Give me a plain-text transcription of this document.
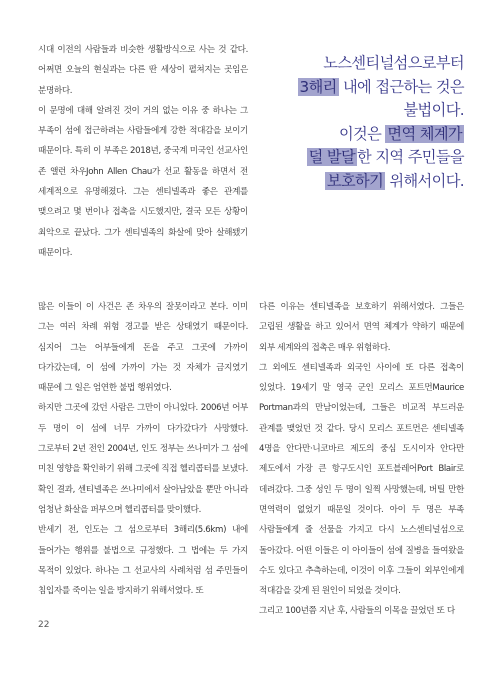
시대 이전의 사람들과 비슷한 생활방식으로 사는 것 같다. 어쩌면 오늘의 현실과는 다른 딴 세상이 펼쳐지는 곳임은 분명하다.

이 문명에 대해 알려진 것이 거의 없는 이유 중 하나는 그 부족이 섬에 접근하려는 사람들에게 강한 적대감을 보이기 때문이다. 특히 이 부족은 2018년, 중국계 미국인 선교사인 존 앨런 차우John Allen Chau가 선교 활동을 하면서 전 세계적으로 유명해졌다. 그는 센티넬족과 좋은 관계를 맺으려고 몇 번이나 접촉을 시도했지만, 결국 모든 상황이 최악으로 끝났다. 그가 센티넬족의 화살에 맞아 살해됐기 때문이다.

노스센티널섬으로부터
3해리 내에 접근하는 것은
불법이다.
이것은 면역 체계가
덜 발달 한 지역 주민들을
보호하기 위해서이다.

많은 이들이 이 사건은 존 차우의 잘못이라고 본다. 이미 그는 여러 차례 위험 경고를 받은 상태였기 때문이다. 심지어 그는 어부들에게 돈을 주고 그곳에 가까이 다가갔는데, 이 섬에 가까이 가는 것 자체가 금지였기 때문에 그 일은 엄연한 불법 행위였다.

하지만 그곳에 갔던 사람은 그만이 아니었다. 2006년 어부 두 명이 이 섬에 너무 가까이 다가갔다가 사망했다. 그로부터 2년 전인 2004년, 인도 정부는 쓰나미가 그 섬에 미친 영향을 확인하기 위해 그곳에 직접 헬리콥터를 보냈다. 확인 결과, 센티넬족은 쓰나미에서 살아남았을 뿐만 아니라 엄청난 화살을 퍼부으며 헬리콥터를 맞이했다.

반세기 전, 인도는 그 섬으로부터 3해리(5.6km) 내에 들어가는 행위를 불법으로 규정했다. 그 법에는 두 가지 목적이 있었다. 하나는 그 선교사의 사례처럼 섬 주민들이 침입자를 죽이는 일을 방지하기 위해서였다. 또

다른 이유는 센티넬족을 보호하기 위해서였다. 그들은 고립된 생활을 하고 있어서 면역 체계가 약하기 때문에 외부 세계와의 접촉은 매우 위험하다.

그 외에도 센티넬족과 외국인 사이에 또 다른 접촉이 있었다. 19세기 말 영국 군인 모리스 포트먼Maurice Portman과의 만남이었는데, 그들은 비교적 부드러운 관계를 맺었던 것 같다. 당시 모리스 포트먼은 센티넬족 4명을 안다만·니코바르 제도의 중심 도시이자 안다만 제도에서 가장 큰 항구도시인 포트블레어Port Blair로 데려갔다. 그중 성인 두 명이 일찍 사망했는데, 버틸 만한 면역력이 없었기 때문일 것이다. 아이 두 명은 부족 사람들에게 줄 선물을 가지고 다시 노스센티널섬으로 돌아갔다. 어떤 이들은 이 아이들이 섬에 질병을 들여왔을 수도 있다고 추측하는데, 이것이 이후 그들이 외부인에게 적대감을 갖게 된 원인이 되었을 것이다.

그리고 100년쯤 지난 후, 사람들의 이목을 끌었던 또 다

22
